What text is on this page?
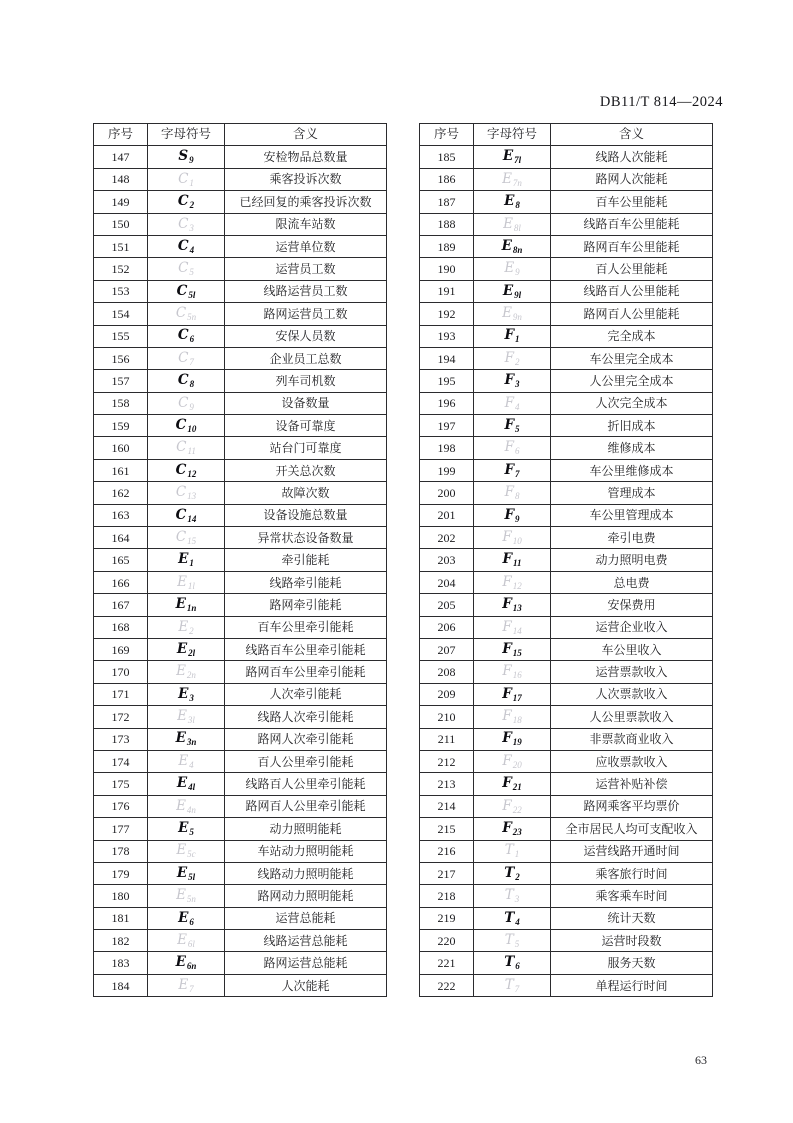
DB11/T 814—2024
序号	字母符号	含义
147	$S_9$	安检物品总数量
148	$C_1$	乘客投诉次数
149	$C_2$	已经回复的乘客投诉次数
150	$C_3$	限流车站数
151	$C_4$	运营单位数
152	$C_5$	运营员工数
153	$C_{5l}$	线路运营员工数
154	$C_{5n}$	路网运营员工数
155	$C_6$	安保人员数
156	$C_7$	企业员工总数
157	$C_8$	列车司机数
158	$C_9$	设备数量
159	$C_{10}$	设备可靠度
160	$C_{11}$	站台门可靠度
161	$C_{12}$	开关总次数
162	$C_{13}$	故障次数
163	$C_{14}$	设备设施总数量
164	$C_{15}$	异常状态设备数量
165	$E_1$	牵引能耗
166	$E_{1l}$	线路牵引能耗
167	$E_{1n}$	路网牵引能耗
168	$E_2$	百车公里牵引能耗
169	$E_{2l}$	线路百车公里牵引能耗
170	$E_{2n}$	路网百车公里牵引能耗
171	$E_3$	人次牵引能耗
172	$E_{3l}$	线路人次牵引能耗
173	$E_{3n}$	路网人次牵引能耗
174	$E_4$	百人公里牵引能耗
175	$E_{4l}$	线路百人公里牵引能耗
176	$E_{4n}$	路网百人公里牵引能耗
177	$E_5$	动力照明能耗
178	$E_{5c}$	车站动力照明能耗
179	$E_{5l}$	线路动力照明能耗
180	$E_{5n}$	路网动力照明能耗
181	$E_6$	运营总能耗
182	$E_{6l}$	线路运营总能耗
183	$E_{6n}$	路网运营总能耗
184	$E_7$	人次能耗
序号	字母符号	含义
185	$E_{7l}$	线路人次能耗
186	$E_{7n}$	路网人次能耗
187	$E_8$	百车公里能耗
188	$E_{8l}$	线路百车公里能耗
189	$E_{8n}$	路网百车公里能耗
190	$E_9$	百人公里能耗
191	$E_{9l}$	线路百人公里能耗
192	$E_{9n}$	路网百人公里能耗
193	$F_1$	完全成本
194	$F_2$	车公里完全成本
195	$F_3$	人公里完全成本
196	$F_4$	人次完全成本
197	$F_5$	折旧成本
198	$F_6$	维修成本
199	$F_7$	车公里维修成本
200	$F_8$	管理成本
201	$F_9$	车公里管理成本
202	$F_{10}$	牵引电费
203	$F_{11}$	动力照明电费
204	$F_{12}$	总电费
205	$F_{13}$	安保费用
206	$F_{14}$	运营企业收入
207	$F_{15}$	车公里收入
208	$F_{16}$	运营票款收入
209	$F_{17}$	人次票款收入
210	$F_{18}$	人公里票款收入
211	$F_{19}$	非票款商业收入
212	$F_{20}$	应收票款收入
213	$F_{21}$	运营补贴补偿
214	$F_{22}$	路网乘客平均票价
215	$F_{23}$	全市居民人均可支配收入
216	$T_1$	运营线路开通时间
217	$T_2$	乘客旅行时间
218	$T_3$	乘客乘车时间
219	$T_4$	统计天数
220	$T_5$	运营时段数
221	$T_6$	服务天数
222	$T_7$	单程运行时间
63
